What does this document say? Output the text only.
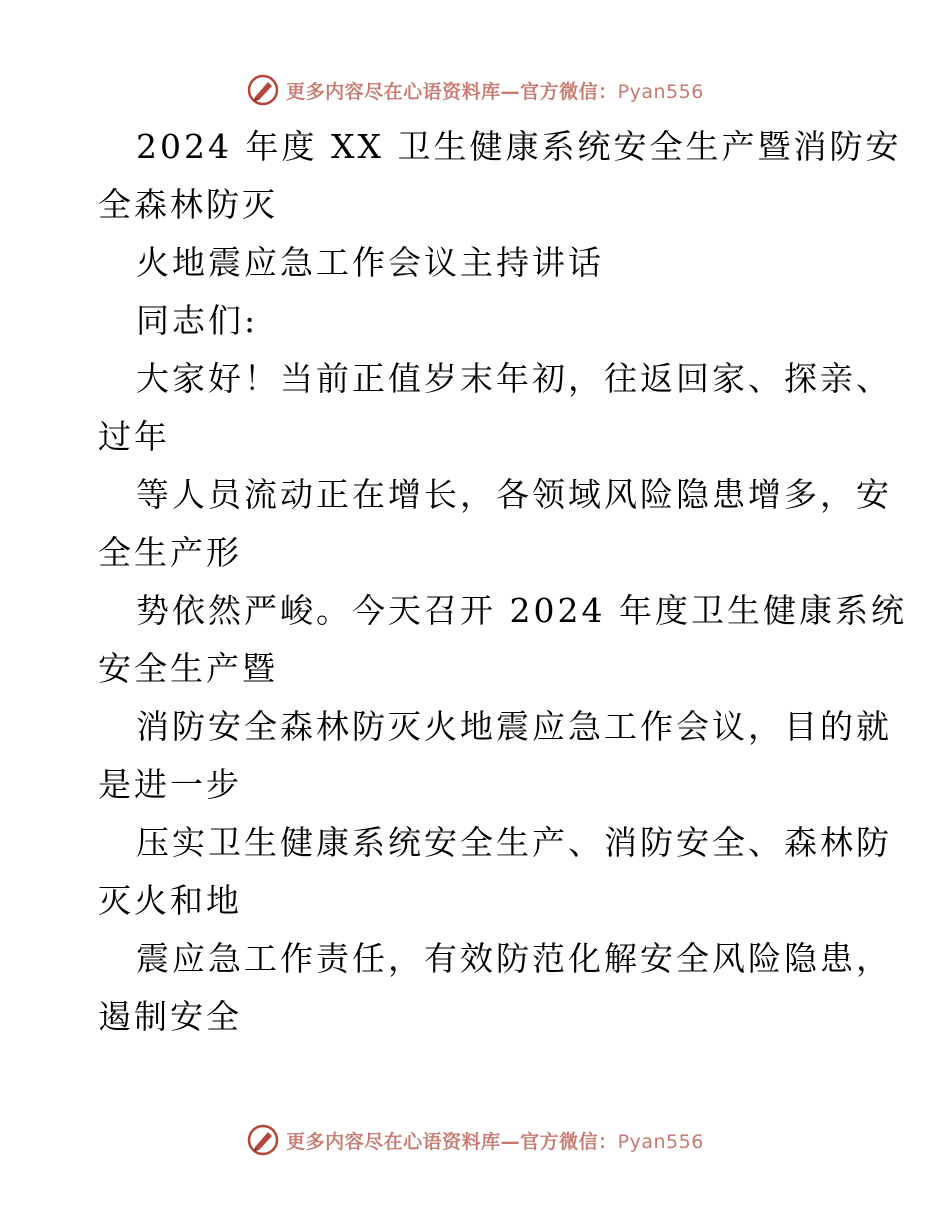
更多内容尽在心语资料库—官方微信：Pyan556
2024 年度 XX 卫生健康系统安全生产暨消防安
全森林防灭
火地震应急工作会议主持讲话
同志们:
大家好！当前正值岁末年初，往返回家、探亲、
过年
等人员流动正在增长，各领域风险隐患增多，安
全生产形
势依然严峻。今天召开 2024 年度卫生健康系统
安全生产暨
消防安全森林防灭火地震应急工作会议，目的就
是进一步
压实卫生健康系统安全生产、消防安全、森林防
灭火和地
震应急工作责任，有效防范化解安全风险隐患，
遏制安全
更多内容尽在心语资料库—官方微信：Pyan556
